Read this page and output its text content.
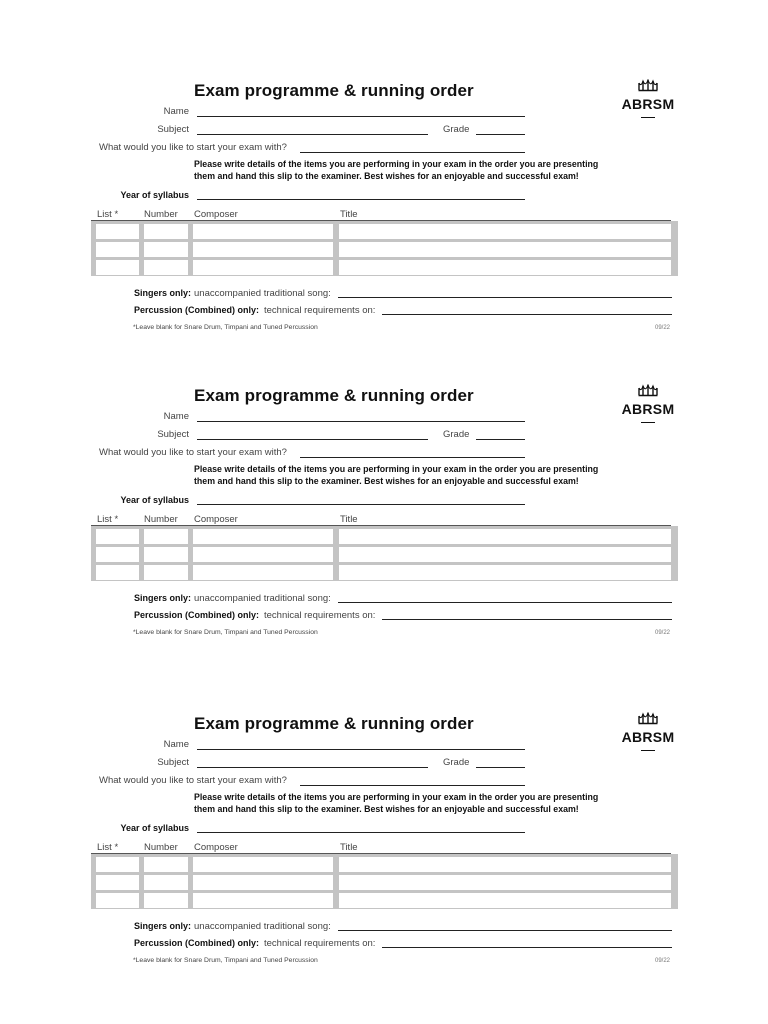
Exam programme & running order
ABRSM
Name
Subject	Grade
What would you like to start your exam with?
Please write details of the items you are performing in your exam in the order you are presenting
them and hand this slip to the examiner. Best wishes for an enjoyable and successful exam!
Year of syllabus
List *	Number Composer	Title
Singers only: unaccompanied traditional song:
Percussion (Combined) only: technical requirements on:
*Leave blank for Snare Drum, Timpani and Tuned Percussion	09/22
Exam programme & running order
ABRSM
Name
Subject	Grade
What would you like to start your exam with?
Please write details of the items you are performing in your exam in the order you are presenting
them and hand this slip to the examiner. Best wishes for an enjoyable and successful exam!
Year of syllabus
List *	Number Composer	Title
Singers only: unaccompanied traditional song:
Percussion (Combined) only: technical requirements on:
*Leave blank for Snare Drum, Timpani and Tuned Percussion	09/22
Exam programme & running order
ABRSM
Name
Subject	Grade
What would you like to start your exam with?
Please write details of the items you are performing in your exam in the order you are presenting
them and hand this slip to the examiner. Best wishes for an enjoyable and successful exam!
Year of syllabus
List *	Number Composer	Title
Singers only: unaccompanied traditional song:
Percussion (Combined) only: technical requirements on:
*Leave blank for Snare Drum, Timpani and Tuned Percussion	09/22
